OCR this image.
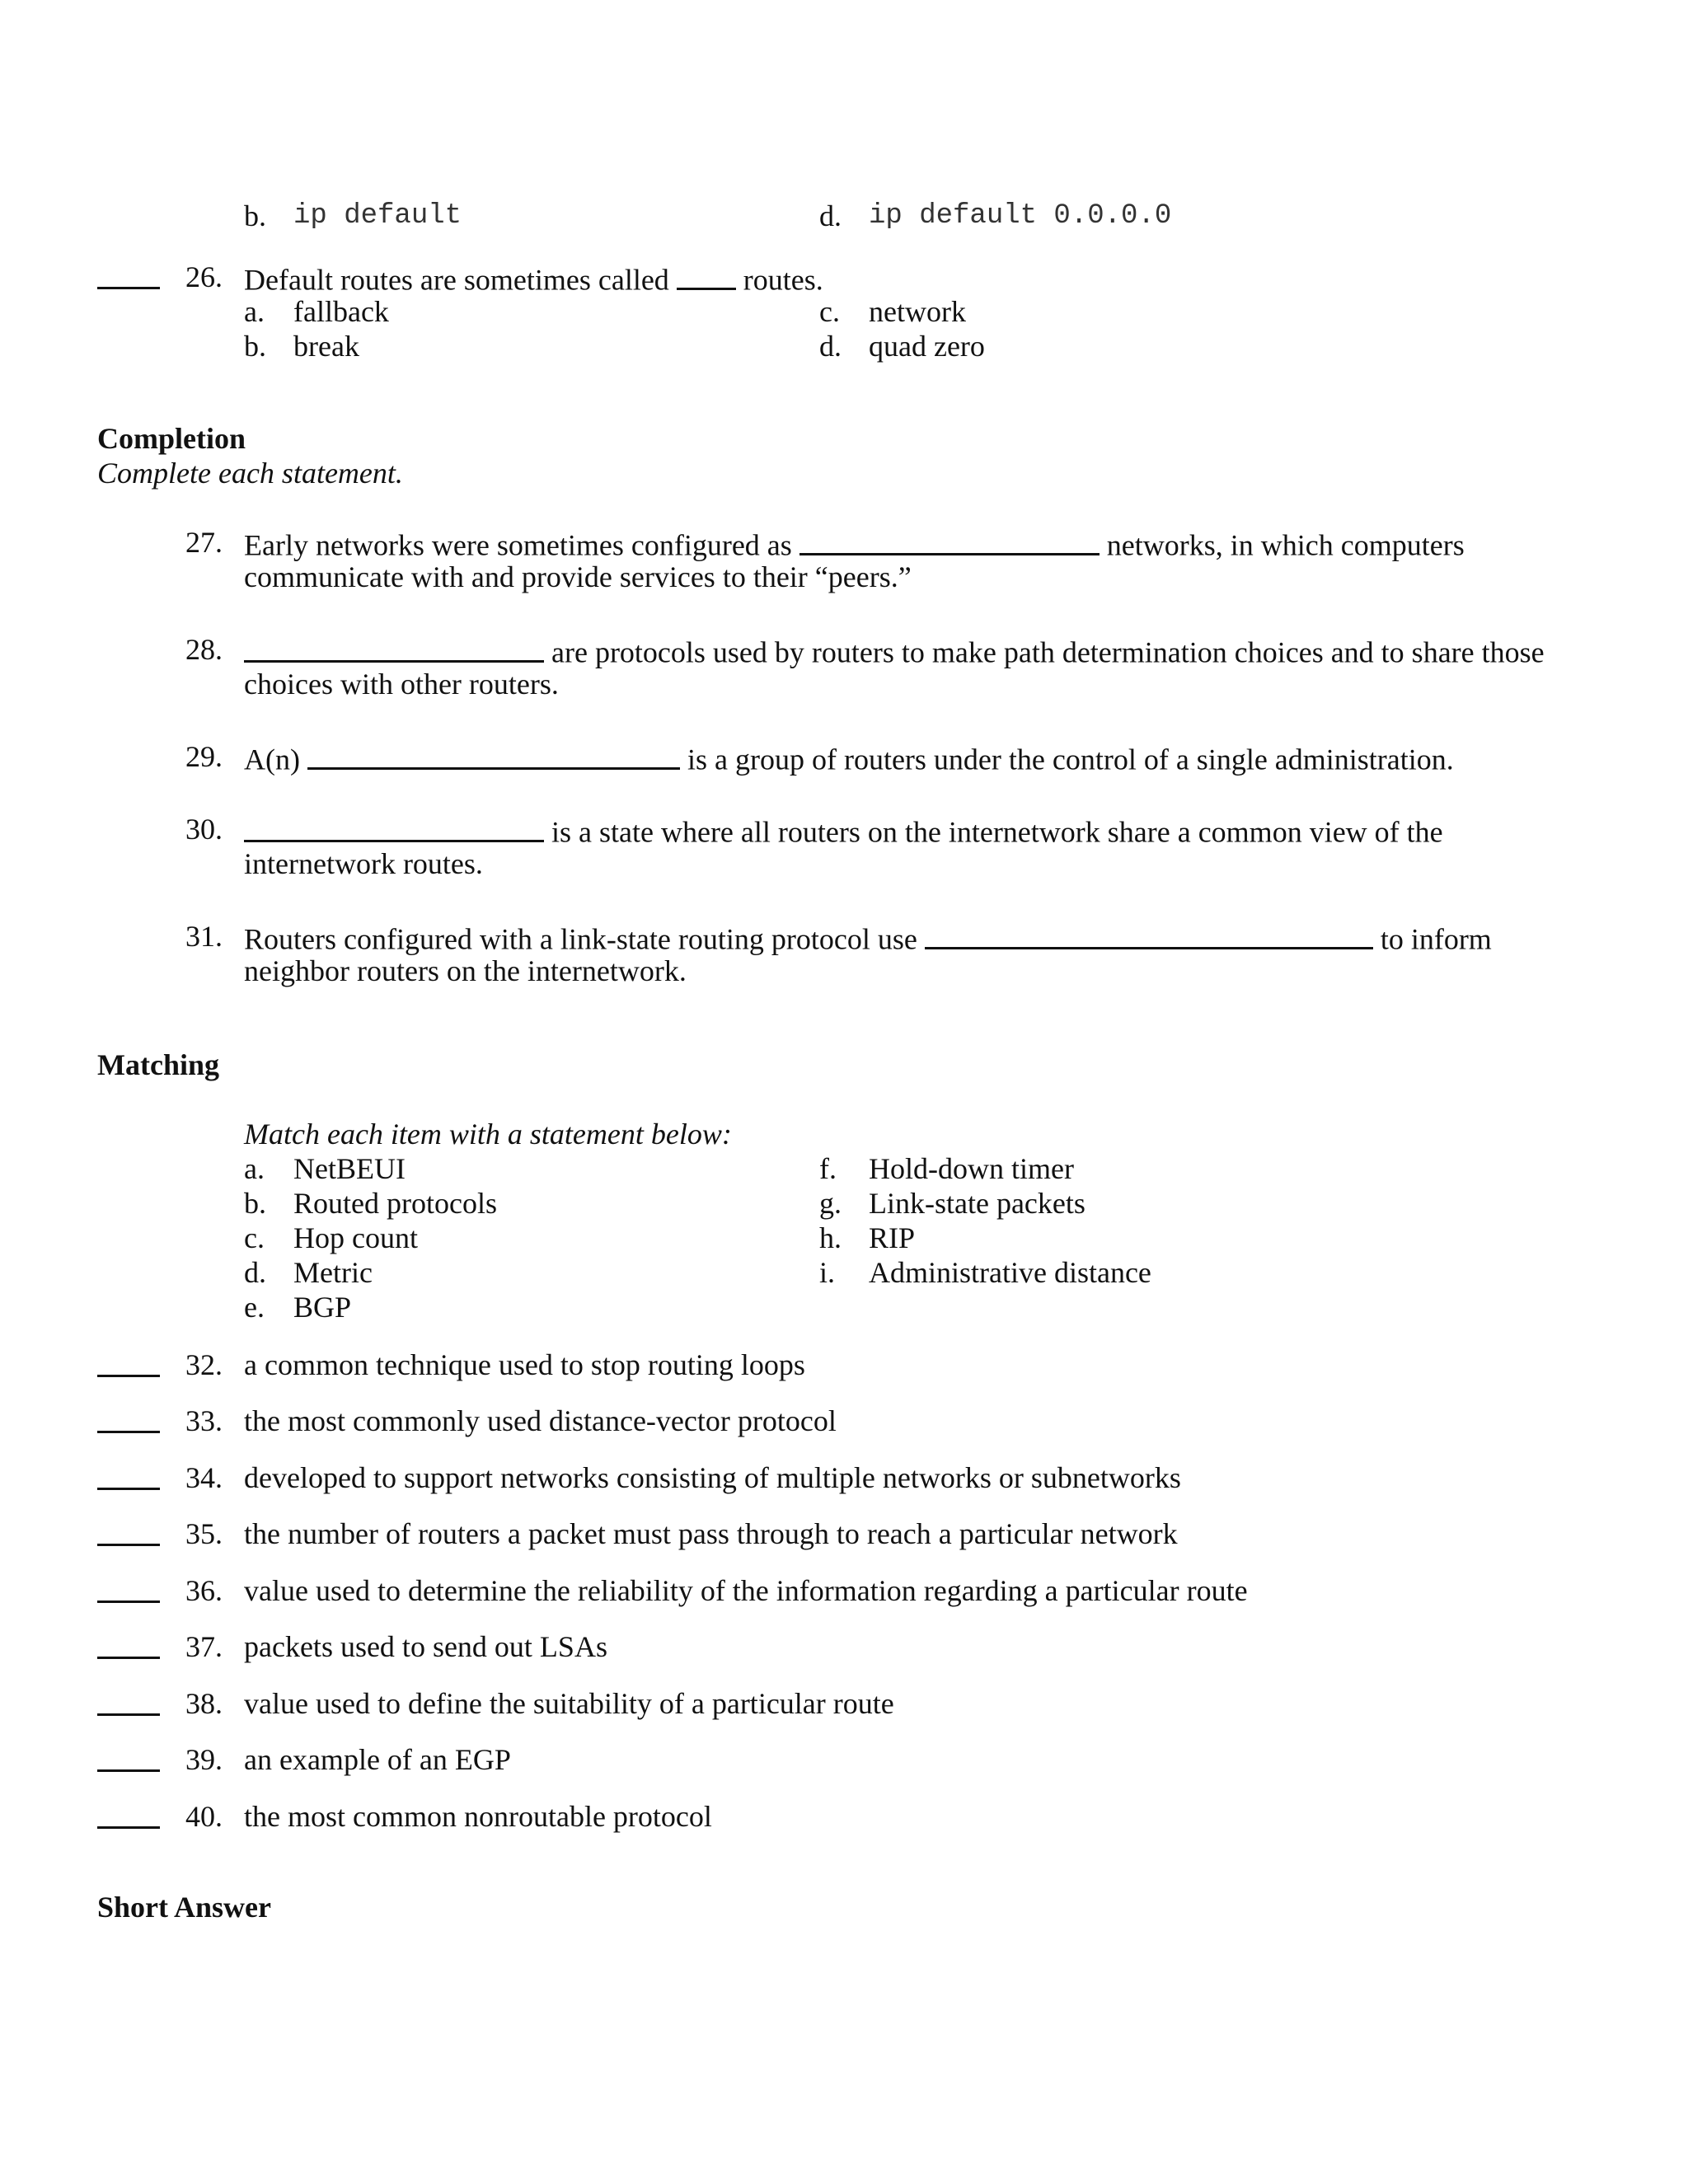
b. ip default	d. ip default 0.0.0.0
26. Default routes are sometimes called	routes.
a. fallback
b. break
c. network
d. quad zero
Completion
Complete each statement.
27. Early networks were sometimes configured as	networks, in which computers
communicate with and provide services to their “peers.”
28.	are protocols used by routers to make path determination choices and to share those
choices with other routers.
29. A(n)	is a group of routers under the control of a single administration.
30.	is a state where all routers on the internetwork share a common view of the
internetwork routes.
31. Routers configured with a link-state routing protocol use	to inform
neighbor routers on the internetwork.
Matching
Match each item with a statement below:
a. NetBEUI
b. Routed protocols
c. Hop count
d. Metric
e. BGP
f. Hold-down timer
g. Link-state packets
h. RIP
i. Administrative distance
32. a common technique used to stop routing loops
33. the most commonly used distance-vector protocol
34. developed to support networks consisting of multiple networks or subnetworks
35. the number of routers a packet must pass through to reach a particular network
36. value used to determine the reliability of the information regarding a particular route
37. packets used to send out LSAs
38. value used to define the suitability of a particular route
39. an example of an EGP
40. the most common nonroutable protocol
Short Answer
